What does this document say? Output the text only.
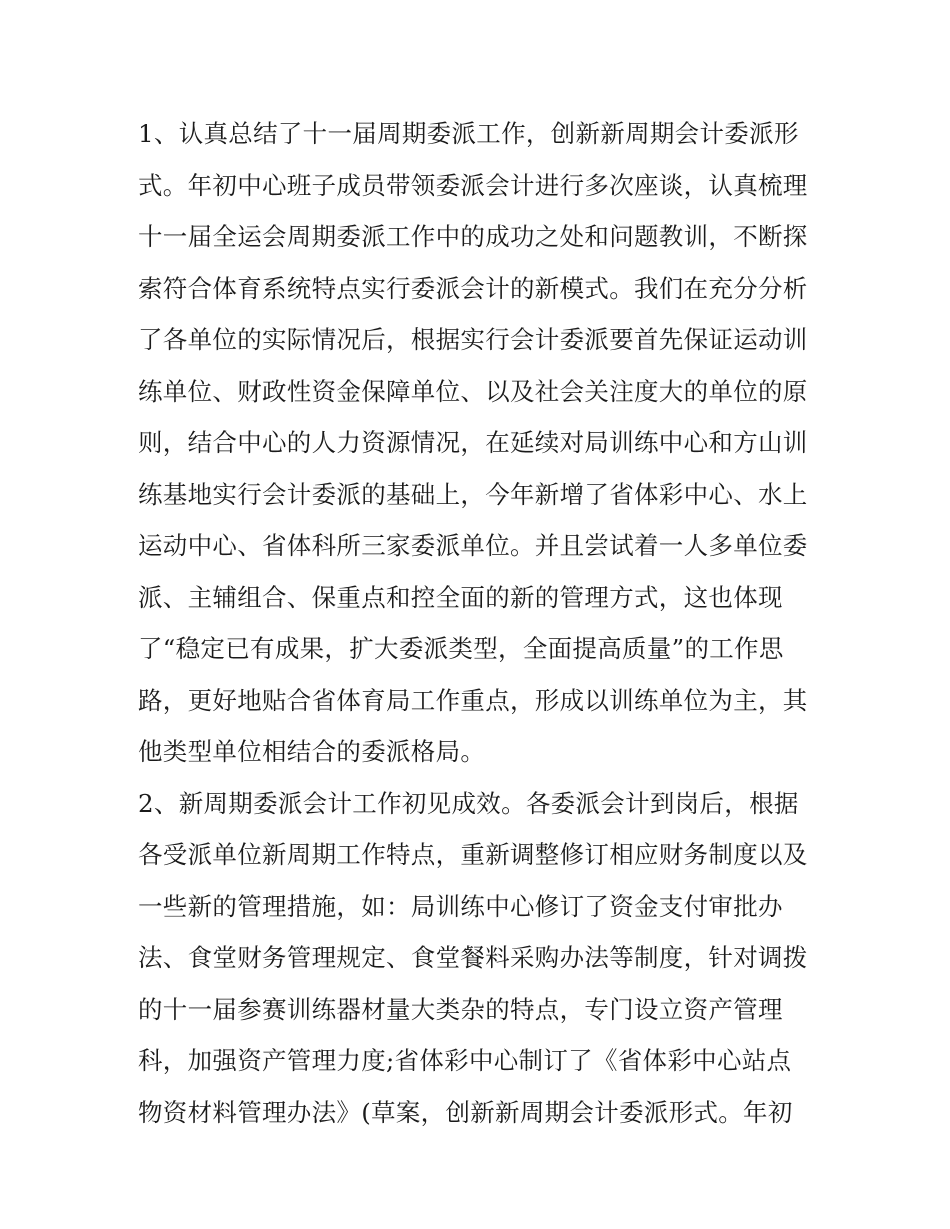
1、认真总结了十一届周期委派工作，创新新周期会计委派形
式。年初中心班子成员带领委派会计进行多次座谈，认真梳理
十一届全运会周期委派工作中的成功之处和问题教训，不断探
索符合体育系统特点实行委派会计的新模式。我们在充分分析
了各单位的实际情况后，根据实行会计委派要首先保证运动训
练单位、财政性资金保障单位、以及社会关注度大的单位的原
则，结合中心的人力资源情况，在延续对局训练中心和方山训
练基地实行会计委派的基础上，今年新增了省体彩中心、水上
运动中心、省体科所三家委派单位。并且尝试着一人多单位委
派、主辅组合、保重点和控全面的新的管理方式，这也体现
了“稳定已有成果，扩大委派类型，全面提高质量”的工作思
路，更好地贴合省体育局工作重点，形成以训练单位为主，其
他类型单位相结合的委派格局。
2、新周期委派会计工作初见成效。各委派会计到岗后，根据
各受派单位新周期工作特点，重新调整修订相应财务制度以及
一些新的管理措施，如：局训练中心修订了资金支付审批办
法、食堂财务管理规定、食堂餐料采购办法等制度，针对调拨
的十一届参赛训练器材量大类杂的特点，专门设立资产管理
科，加强资产管理力度;省体彩中心制订了《省体彩中心站点
物资材料管理办法》(草案，创新新周期会计委派形式。年初
